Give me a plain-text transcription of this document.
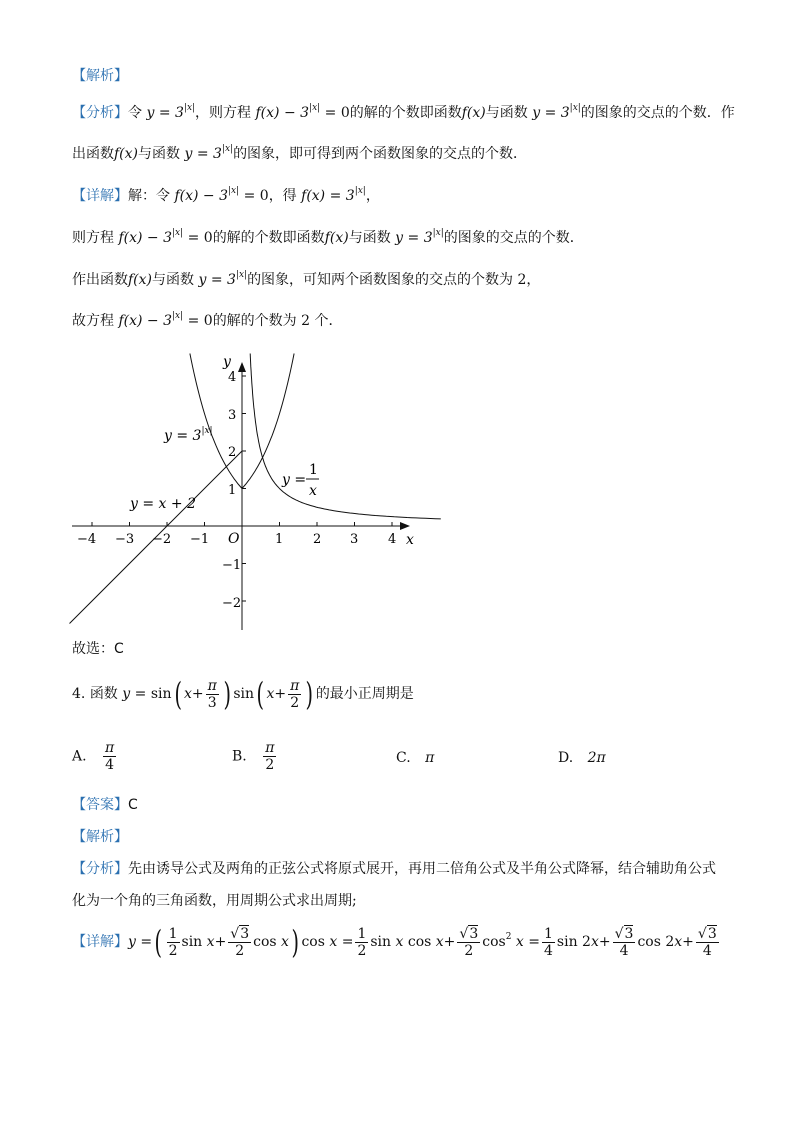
【解析】
【分析】令 $y = 3^{|x|}$，则方程 $f(x) - 3^{|x|} = 0$的解的个数即函数f(x)与函数 $y = 3^{|x|}$的图象的交点的个数．作
出函数f(x)与函数 $y = 3^{|x|}$的图象，即可得到两个函数图象的交点的个数．
【详解】解：令 $f(x) - 3^{|x|} = 0$，得 $f(x) = 3^{|x|}$，
则方程 $f(x) - 3^{|x|} = 0$的解的个数即函数f(x)与函数 $y = 3^{|x|}$的图象的交点的个数．
作出函数f(x)与函数 $y = 3^{|x|}$的图象，可知两个函数图象的交点的个数为 2，
故方程 $f(x) - 3^{|x|} = 0$的解的个数为 2 个．
y
x
O
−4 −3 −2 −1	1 2 3 4
4
3
2
1
−1
−2
$y = 3^{|x|}$
y = x + 2
y =
1
x
故选：C
4. 函数 y = sin( $x+ \frac{\pi}{3}$ ) sin( $x+ \frac{\pi}{2}$ ) 的最小正周期是
A. $\frac{\pi}{4}$	B. $\frac{\pi}{2}$	C. π	D. 2π
【答案】C
【解析】
【分析】先由诱导公式及两角的正弦公式将原式展开，再用二倍角公式及半角公式降幂，结合辅助角公式
化为一个角的三角函数，用周期公式求出周期;
【详解】y =( $\frac{1}{2}$ $\sin x+ \frac{√3}{2}$ cos x) $\cos x = \frac{1}{2}$ sin x $\cos x+ \frac{√3}{2} \cos^2 x = \frac{1}{4}$ $\sin 2x+ \frac{√3}{4}$ $\cos 2x+ \frac{√3}{4}$
